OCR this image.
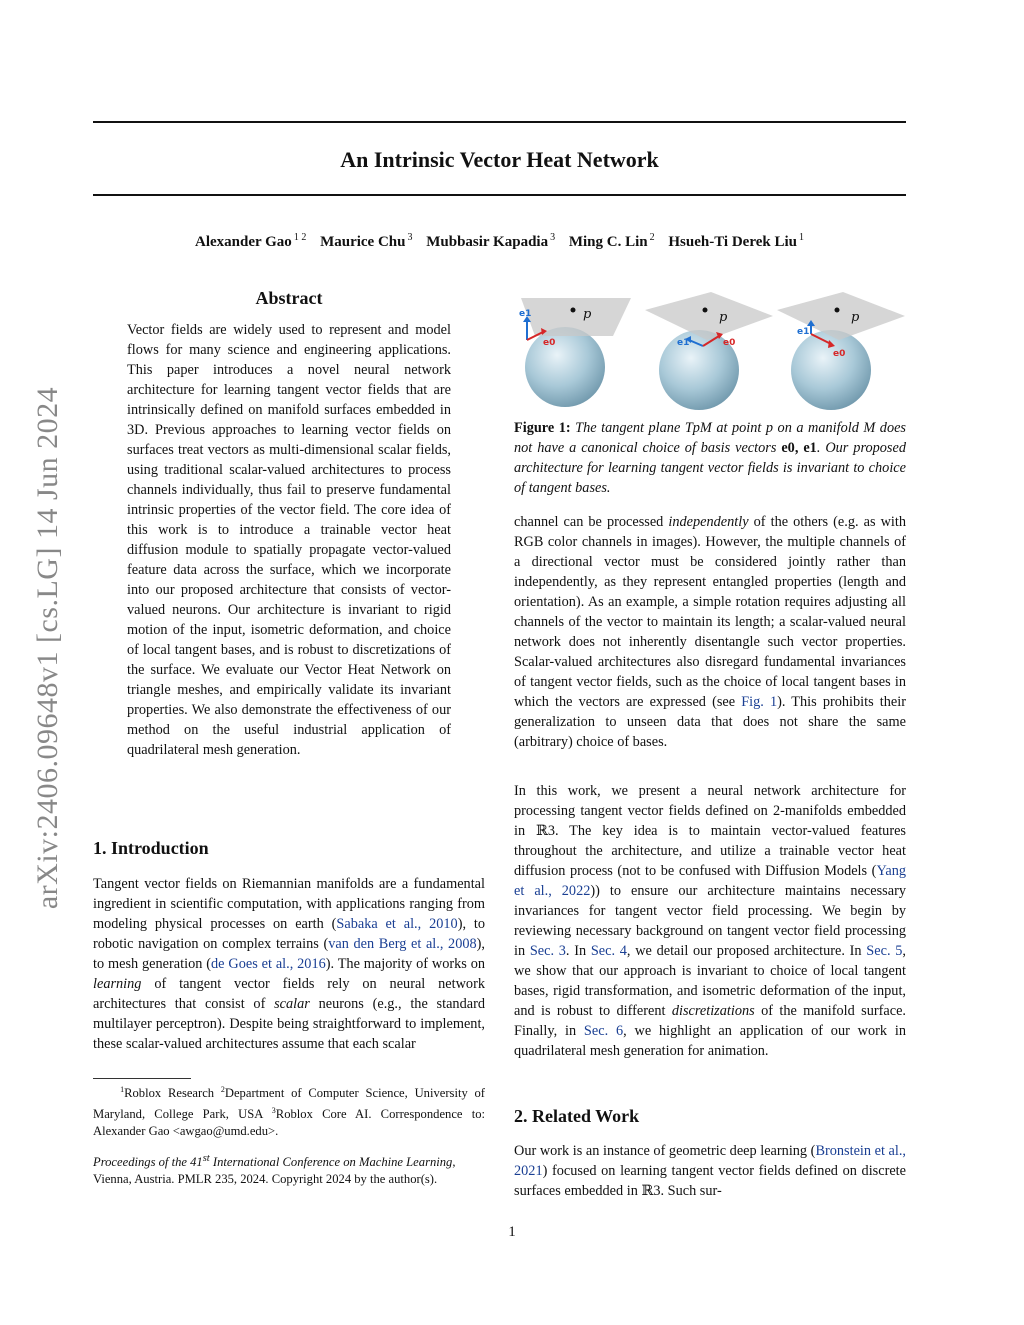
An Intrinsic Vector Heat Network
Alexander Gao $^{1 2}$ Maurice Chu $^3$ Mubbasir Kapadia $^3$ Ming C. Lin $^2$ Hsueh-Ti Derek Liu $^1$
arXiv:2406.09648v1 [cs.LG] 14 Jun 2024
Abstract

Vector fields are widely used to represent and model flows for many science and engineering applications. This paper introduces a novel neural network architecture for learning tangent vector fields that are intrinsically defined on manifold surfaces embedded in 3D. Previous approaches to learning vector fields on surfaces treat vectors as multi-dimensional scalar fields, using traditional scalar-valued architectures to process channels individually, thus fail to preserve fundamental intrinsic properties of the vector field. The core idea of this work is to introduce a trainable vector heat diffusion module to spatially propagate vector-valued feature data across the surface, which we incorporate into our proposed architecture that consists of vector-valued neurons. Our architecture is invariant to rigid motion of the input, isometric deformation, and choice of local tangent bases, and is robust to discretizations of the surface. We evaluate our Vector Heat Network on triangle meshes, and empirically validate its invariant properties. We also demonstrate the effectiveness of our method on the useful industrial application of quadrilateral mesh generation.

1. Introduction

Tangent vector fields on Riemannian manifolds are a fundamental ingredient in scientific computation, with applications ranging from modeling physical processes on earth (Sabaka et al., 2010), to robotic navigation on complex terrains (van den Berg et al., 2008), to mesh generation (de Goes et al., 2016). The majority of works on learning of tangent vector fields rely on neural network architectures that consist of scalar neurons (e.g., the standard multilayer perceptron). Despite being straightforward to implement, these scalar-valued architectures assume that each scalar

$^1$Roblox Research $^2$Department of Computer Science, University of Maryland, College Park, USA $^3$Roblox Core AI. Correspondence to: Alexander Gao <awgao@umd.edu>.
Proceedings of the 41st International Conference on Machine Learning, Vienna, Austria. PMLR 235, 2024. Copyright 2024 by the author(s).
p
e1
e0
p
e1	e0
p
e1
e0
Figure 1: The tangent plane TpM at point p on a manifold M does not have a canonical choice of basis vectors e0, e1. Our proposed architecture for learning tangent vector fields is invariant to choice of tangent bases.

channel can be processed independently of the others (e.g. as with RGB color channels in images). However, the multiple channels of a directional vector must be considered jointly rather than independently, as they represent entangled properties (length and orientation). As an example, a simple rotation requires adjusting all channels of the vector to maintain its length; a scalar-valued neural network does not inherently disentangle such vector properties. Scalar-valued architectures also disregard fundamental invariances of tangent vector fields, such as the choice of local tangent bases in which the vectors are expressed (see Fig. 1). This prohibits their generalization to unseen data that does not share the same (arbitrary) choice of bases.

In this work, we present a neural network architecture for processing tangent vector fields defined on 2-manifolds embedded in ℝ3. The key idea is to maintain vector-valued features throughout the architecture, and utilize a trainable vector heat diffusion process (not to be confused with Diffusion Models (Yang et al., 2022)) to ensure our architecture maintains necessary invariances for tangent vector field processing. We begin by reviewing necessary background on tangent vector field processing in Sec. 3. In Sec. 4, we detail our proposed architecture. In Sec. 5, we show that our approach is invariant to choice of local tangent bases, rigid transformation, and isometric deformation of the input, and is robust to different discretizations of the manifold surface. Finally, in Sec. 6, we highlight an application of our work in quadrilateral mesh generation for animation.

2. Related Work

Our work is an instance of geometric deep learning (Bronstein et al., 2021) focused on learning tangent vector fields defined on discrete surfaces embedded in ℝ3. Such sur-

1
